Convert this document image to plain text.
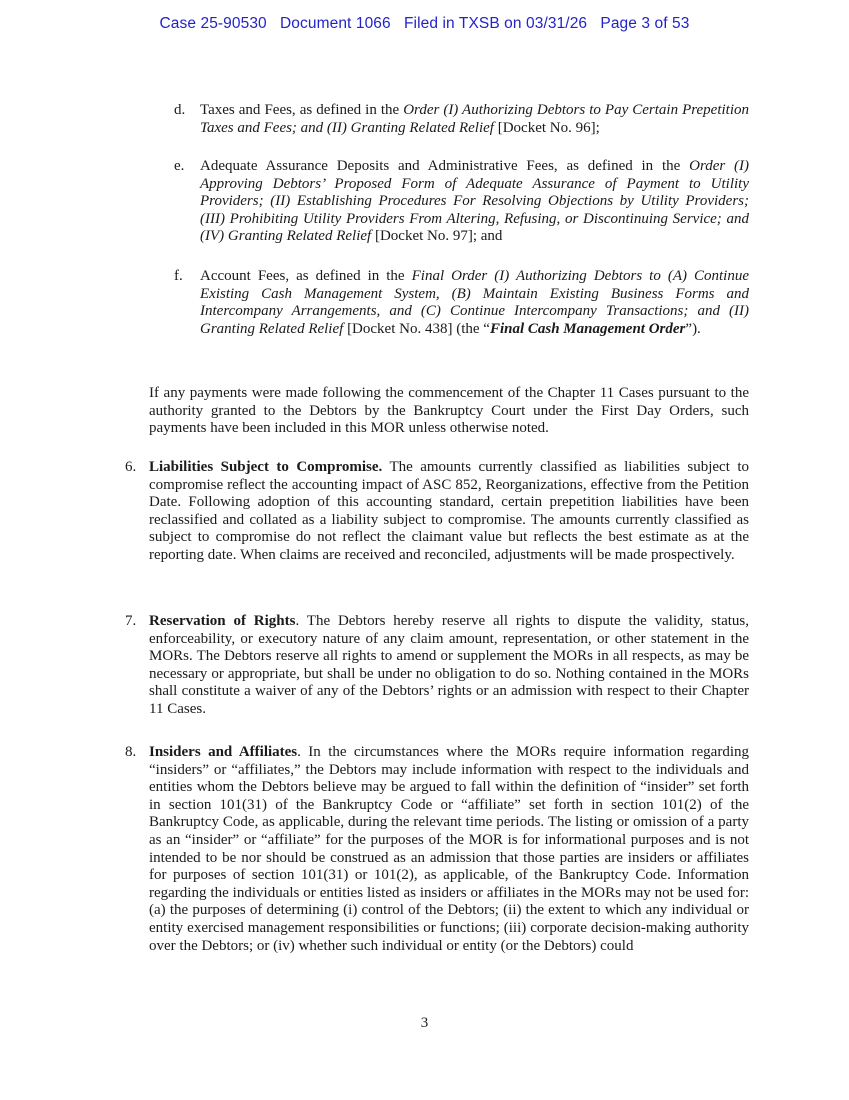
Case 25-90530 Document 1066 Filed in TXSB on 03/31/26 Page 3 of 53
d. Taxes and Fees, as defined in the Order (I) Authorizing Debtors to Pay Certain Prepetition Taxes and Fees; and (II) Granting Related Relief [Docket No. 96];
e. Adequate Assurance Deposits and Administrative Fees, as defined in the Order (I) Approving Debtors’ Proposed Form of Adequate Assurance of Payment to Utility Providers; (II) Establishing Procedures For Resolving Objections by Utility Providers; (III) Prohibiting Utility Providers From Altering, Refusing, or Discontinuing Service; and (IV) Granting Related Relief [Docket No. 97]; and
f. Account Fees, as defined in the Final Order (I) Authorizing Debtors to (A) Continue Existing Cash Management System, (B) Maintain Existing Business Forms and Intercompany Arrangements, and (C) Continue Intercompany Transactions; and (II) Granting Related Relief [Docket No. 438] (the “Final Cash Management Order”).
If any payments were made following the commencement of the Chapter 11 Cases pursuant to the authority granted to the Debtors by the Bankruptcy Court under the First Day Orders, such payments have been included in this MOR unless otherwise noted.
6. Liabilities Subject to Compromise. The amounts currently classified as liabilities subject to compromise reflect the accounting impact of ASC 852, Reorganizations, effective from the Petition Date. Following adoption of this accounting standard, certain prepetition liabilities have been reclassified and collated as a liability subject to compromise. The amounts currently classified as subject to compromise do not reflect the claimant value but reflects the best estimate as at the reporting date. When claims are received and reconciled, adjustments will be made prospectively.
7. Reservation of Rights. The Debtors hereby reserve all rights to dispute the validity, status, enforceability, or executory nature of any claim amount, representation, or other statement in the MORs. The Debtors reserve all rights to amend or supplement the MORs in all respects, as may be necessary or appropriate, but shall be under no obligation to do so. Nothing contained in the MORs shall constitute a waiver of any of the Debtors’ rights or an admission with respect to their Chapter 11 Cases.
8. Insiders and Affiliates. In the circumstances where the MORs require information regarding “insiders” or “affiliates,” the Debtors may include information with respect to the individuals and entities whom the Debtors believe may be argued to fall within the definition of “insider” set forth in section 101(31) of the Bankruptcy Code or “affiliate” set forth in section 101(2) of the Bankruptcy Code, as applicable, during the relevant time periods. The listing or omission of a party as an “insider” or “affiliate” for the purposes of the MOR is for informational purposes and is not intended to be nor should be construed as an admission that those parties are insiders or affiliates for purposes of section 101(31) or 101(2), as applicable, of the Bankruptcy Code. Information regarding the individuals or entities listed as insiders or affiliates in the MORs may not be used for: (a) the purposes of determining (i) control of the Debtors; (ii) the extent to which any individual or entity exercised management responsibilities or functions; (iii) corporate decision-making authority over the Debtors; or (iv) whether such individual or entity (or the Debtors) could
3
